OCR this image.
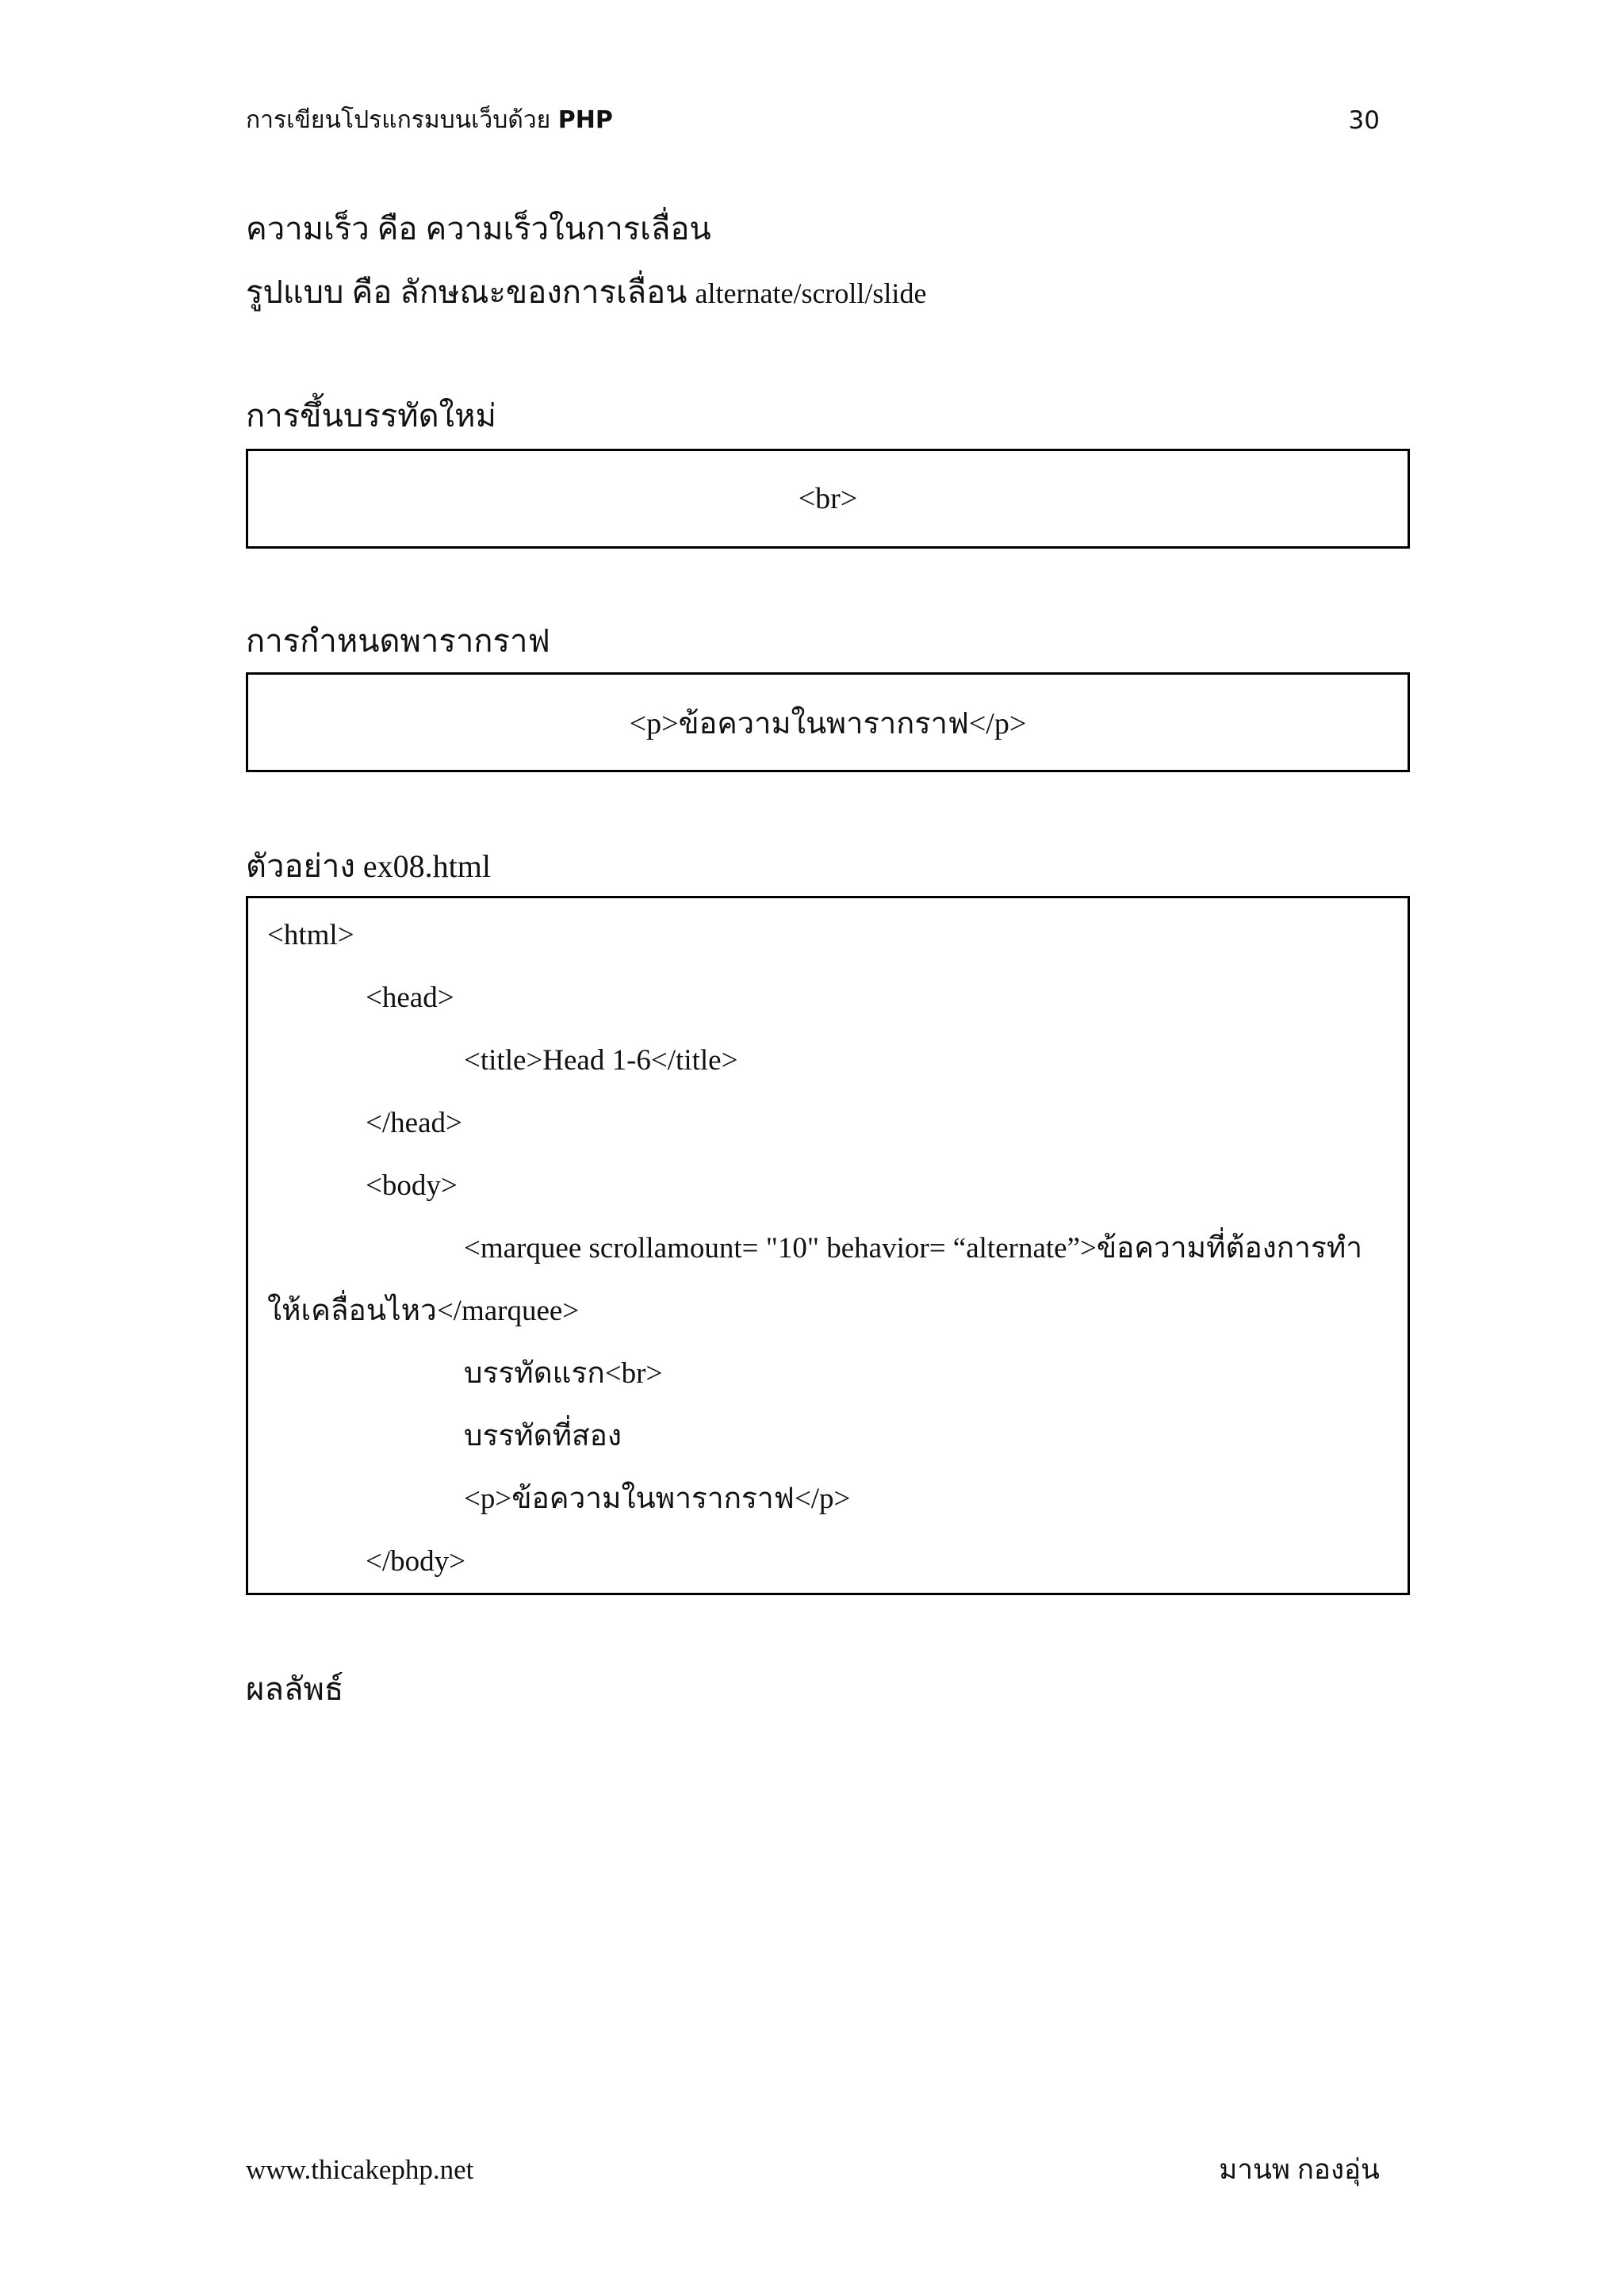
การเขียนโปรแกรมบนเว็บด้วย PHP	30
ความเร็ว คือ ความเร็วในการเลื่อน
รูปแบบ คือ ลักษณะของการเลื่อน alternate/scroll/slide
การขึ้นบรรทัดใหม่
<br>
การกำหนดพารากราฟ
<p>ข้อความในพารากราฟ</p>
ตัวอย่าง ex08.html
<html>
<head>
<title>Head 1-6</title>
</head>
<body>
<marquee scrollamount= "10" behavior= “alternate”>ข้อความที่ต้องการทำ
ให้เคลื่อนไหว</marquee>
บรรทัดแรก<br>
บรรทัดที่สอง
<p>ข้อความในพารากราฟ</p>
</body>
ผลลัพธ์
www.thicakephp.net	มานพ กองอุ่น
